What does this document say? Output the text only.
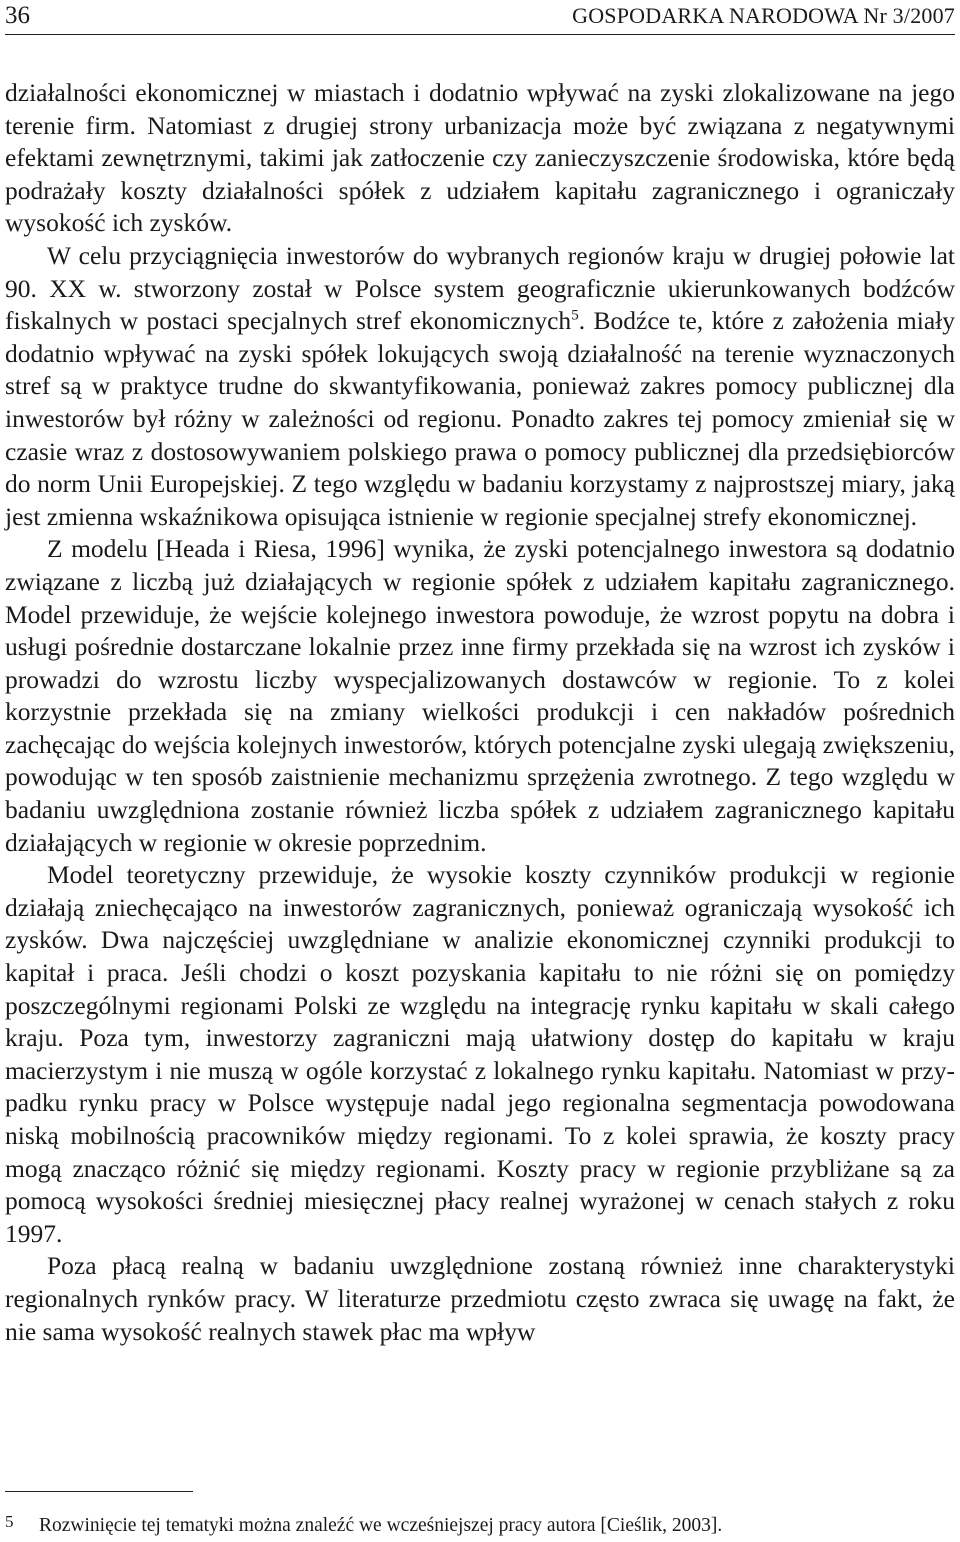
36	GOSPODARKA NARODOWA Nr 3/2007

działalności ekonomicznej w miastach i dodatnio wpływać na zyski zlokalizowane na jego terenie firm. Natomiast z drugiej strony urbanizacja może być związana z negatywnymi efektami zewnętrznymi, takimi jak zatłoczenie czy zanieczyszczenie środowiska, które będą podrażały koszty działalności spółek z udziałem kapitału zagranicznego i ograniczały wysokość ich zysków.

W celu przyciągnięcia inwestorów do wybranych regionów kraju w drugiej połowie lat 90. XX w. stworzony został w Polsce system geograficznie ukierunkowanych bodźców fiskalnych w postaci specjalnych stref ekonomicznych$^5$. Bodźce te, które z założenia miały dodatnio wpływać na zyski spółek lokujących swoją działalność na terenie wyznaczonych stref są w praktyce trudne do skwantyfikowania, ponieważ zakres pomocy publicznej dla inwestorów był różny w zależności od regionu. Ponadto zakres tej pomocy zmieniał się w czasie wraz z dostosowywaniem polskiego prawa o pomocy publicznej dla przedsiębiorców do norm Unii Europejskiej. Z tego względu w badaniu korzystamy z najprostszej miary, jaką jest zmienna wskaźnikowa opisująca istnienie w regionie specjalnej strefy ekonomicznej.

Z modelu [Heada i Riesa, 1996] wynika, że zyski potencjalnego inwestora są dodatnio związane z liczbą już działających w regionie spółek z udziałem kapitału zagranicznego. Model przewiduje, że wejście kolejnego inwestora powoduje, że wzrost popytu na dobra i usługi pośrednie dostarczane lokalnie przez inne firmy przekłada się na wzrost ich zysków i prowadzi do wzrostu liczby wyspecjalizowanych dostawców w regionie. To z kolei korzystnie przekłada się na zmiany wielkości produkcji i cen nakładów pośrednich zachęcając do wejścia kolejnych inwestorów, których potencjalne zyski ulegają zwiększeniu, powodując w ten sposób zaistnienie mechanizmu sprzężenia zwrotnego. Z tego względu w badaniu uwzględniona zostanie również liczba spółek z udziałem zagranicznego kapitału działających w regionie w okresie poprzednim.

Model teoretyczny przewiduje, że wysokie koszty czynników produkcji w regionie działają zniechęcająco na inwestorów zagranicznych, ponieważ ograniczają wysokość ich zysków. Dwa najczęściej uwzględniane w analizie ekonomicznej czynniki produkcji to kapitał i praca. Jeśli chodzi o koszt pozyskania kapitału to nie różni się on pomiędzy poszczególnymi regionami Polski ze względu na integrację rynku kapitału w skali całego kraju. Poza tym, inwestorzy zagraniczni mają ułatwiony dostęp do kapitału w kraju macierzystym i nie muszą w ogóle korzystać z lokalnego rynku kapitału. Natomiast w przypadku rynku pracy w Polsce występuje nadal jego regionalna segmentacja powodowana niską mobilnością pracowników między regionami. To z kolei sprawia, że koszty pracy mogą znacząco różnić się między regionami. Koszty pracy w regionie przybliżane są za pomocą wysokości średniej miesięcznej płacy realnej wyrażonej w cenach stałych z roku 1997.

Poza płacą realną w badaniu uwzględnione zostaną również inne charakterystyki regionalnych rynków pracy. W literaturze przedmiotu często zwraca się uwagę na fakt, że nie sama wysokość realnych stawek płac ma wpływ

5 Rozwinięcie tej tematyki można znaleźć we wcześniejszej pracy autora [Cieślik, 2003].
